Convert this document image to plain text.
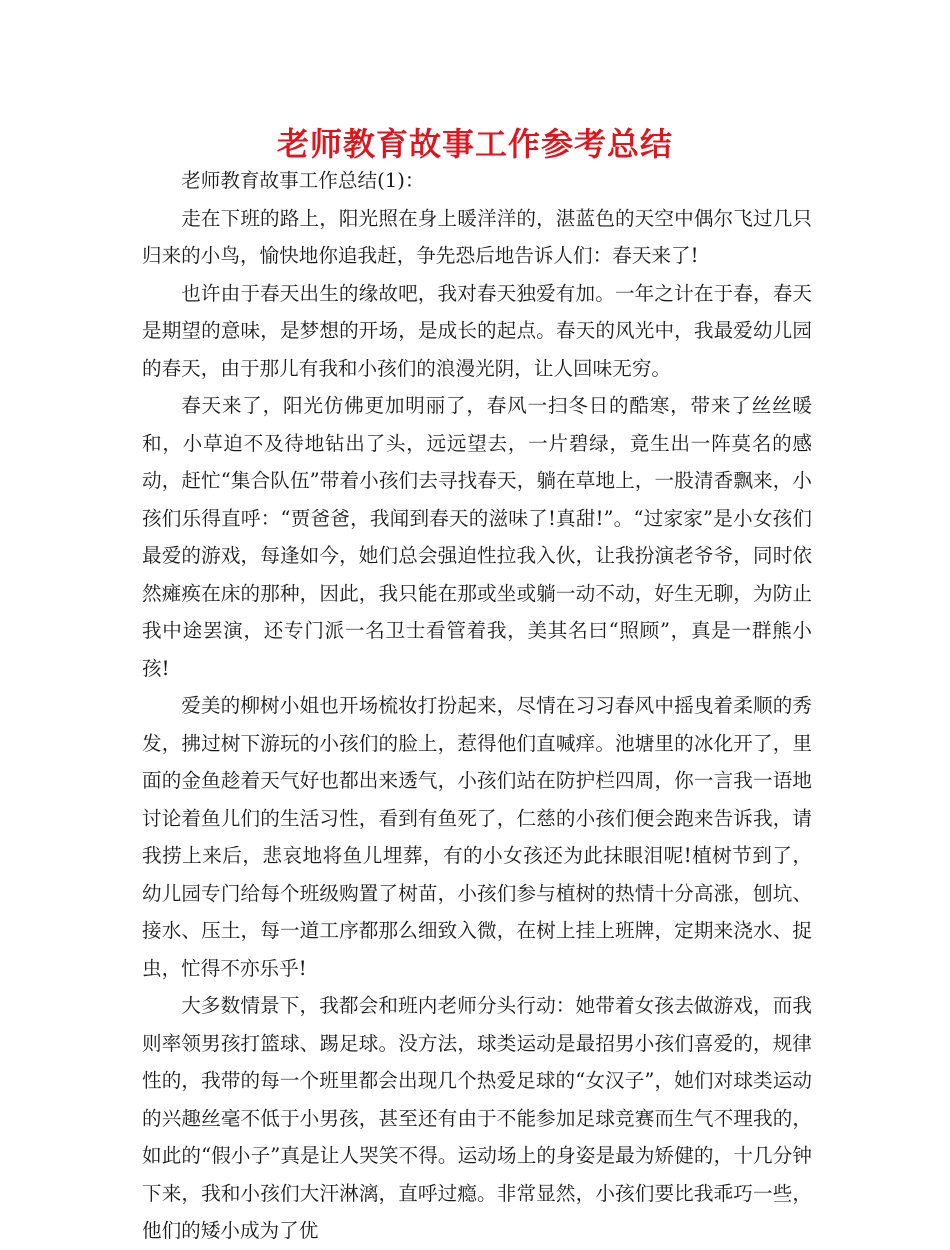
老师教育故事工作参考总结

老师教育故事工作总结(1)：

走在下班的路上，阳光照在身上暖洋洋的，湛蓝色的天空中偶尔飞过几只归来的小鸟，愉快地你追我赶，争先恐后地告诉人们：春天来了!

也许由于春天出生的缘故吧，我对春天独爱有加。一年之计在于春，春天是期望的意味，是梦想的开场，是成长的起点。春天的风光中，我最爱幼儿园的春天，由于那儿有我和小孩们的浪漫光阴，让人回味无穷。

春天来了，阳光仿佛更加明丽了，春风一扫冬日的酷寒，带来了丝丝暖和，小草迫不及待地钻出了头，远远望去，一片碧绿，竟生出一阵莫名的感动，赶忙“集合队伍”带着小孩们去寻找春天，躺在草地上，一股清香飘来，小孩们乐得直呼：“贾爸爸，我闻到春天的滋味了!真甜!”。“过家家”是小女孩们最爱的游戏，每逢如今，她们总会强迫性拉我入伙，让我扮演老爷爷，同时依然瘫痪在床的那种，因此，我只能在那或坐或躺一动不动，好生无聊，为防止我中途罢演，还专门派一名卫士看管着我，美其名曰“照顾”，真是一群熊小孩!

爱美的柳树小姐也开场梳妆打扮起来，尽情在习习春风中摇曳着柔顺的秀发，拂过树下游玩的小孩们的脸上，惹得他们直喊痒。池塘里的冰化开了，里面的金鱼趁着天气好也都出来透气，小孩们站在防护栏四周，你一言我一语地讨论着鱼儿们的生活习性，看到有鱼死了，仁慈的小孩们便会跑来告诉我，请我捞上来后，悲哀地将鱼儿埋葬，有的小女孩还为此抹眼泪呢!植树节到了，幼儿园专门给每个班级购置了树苗，小孩们参与植树的热情十分高涨，刨坑、接水、压土，每一道工序都那么细致入微，在树上挂上班牌，定期来浇水、捉虫，忙得不亦乐乎!

大多数情景下，我都会和班内老师分头行动：她带着女孩去做游戏，而我则率领男孩打篮球、踢足球。没方法，球类运动是最招男小孩们喜爱的，规律性的，我带的每一个班里都会出现几个热爱足球的“女汉子”，她们对球类运动的兴趣丝毫不低于小男孩，甚至还有由于不能参加足球竞赛而生气不理我的，如此的“假小子”真是让人哭笑不得。运动场上的身姿是最为矫健的，十几分钟下来，我和小孩们大汗淋漓，直呼过瘾。非常显然，小孩们要比我乖巧一些，他们的矮小成为了优
